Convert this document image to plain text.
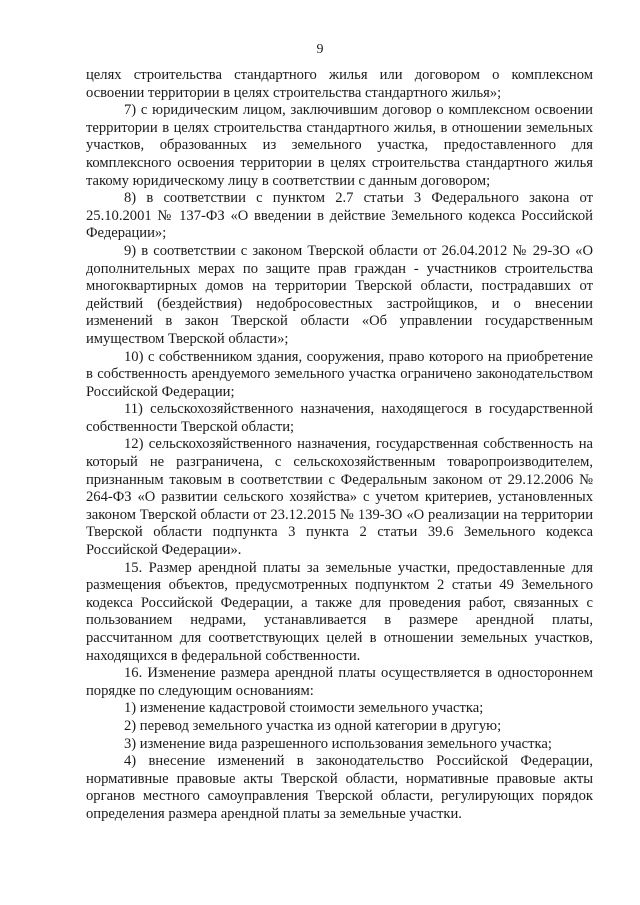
9

целях строительства стандартного жилья или договором о комплексном освоении территории в целях строительства стандартного жилья»;

7) с юридическим лицом, заключившим договор о комплексном освоении территории в целях строительства стандартного жилья, в отношении земельных участков, образованных из земельного участка, предоставленного для комплексного освоения территории в целях строительства стандартного жилья такому юридическому лицу в соответствии с данным договором;

8) в соответствии с пунктом 2.7 статьи 3 Федерального закона от 25.10.2001 № 137-ФЗ «О введении в действие Земельного кодекса Российской Федерации»;

9) в соответствии с законом Тверской области от 26.04.2012 № 29-ЗО «О дополнительных мерах по защите прав граждан - участников строительства многоквартирных домов на территории Тверской области, пострадавших от действий (бездействия) недобросовестных застройщиков, и о внесении изменений в закон Тверской области «Об управлении государственным имуществом Тверской области»;

10) с собственником здания, сооружения, право которого на приобретение в собственность арендуемого земельного участка ограничено законодательством Российской Федерации;

11) сельскохозяйственного назначения, находящегося в государственной собственности Тверской области;

12) сельскохозяйственного назначения, государственная собственность на который не разграничена, с сельскохозяйственным товаропроизводителем, признанным таковым в соответствии с Федеральным законом от 29.12.2006 № 264-ФЗ «О развитии сельского хозяйства» с учетом критериев, установленных законом Тверской области от 23.12.2015 № 139-ЗО «О реализации на территории Тверской области подпункта 3 пункта 2 статьи 39.6 Земельного кодекса Российской Федерации».

15. Размер арендной платы за земельные участки, предоставленные для размещения объектов, предусмотренных подпунктом 2 статьи 49 Земельного кодекса Российской Федерации, а также для проведения работ, связанных с пользованием недрами, устанавливается в размере арендной платы, рассчитанном для соответствующих целей в отношении земельных участков, находящихся в федеральной собственности.

16. Изменение размера арендной платы осуществляется в одностороннем порядке по следующим основаниям:

1) изменение кадастровой стоимости земельного участка;

2) перевод земельного участка из одной категории в другую;

3) изменение вида разрешенного использования земельного участка;

4) внесение изменений в законодательство Российской Федерации, нормативные правовые акты Тверской области, нормативные правовые акты органов местного самоуправления Тверской области, регулирующих порядок определения размера арендной платы за земельные участки.
